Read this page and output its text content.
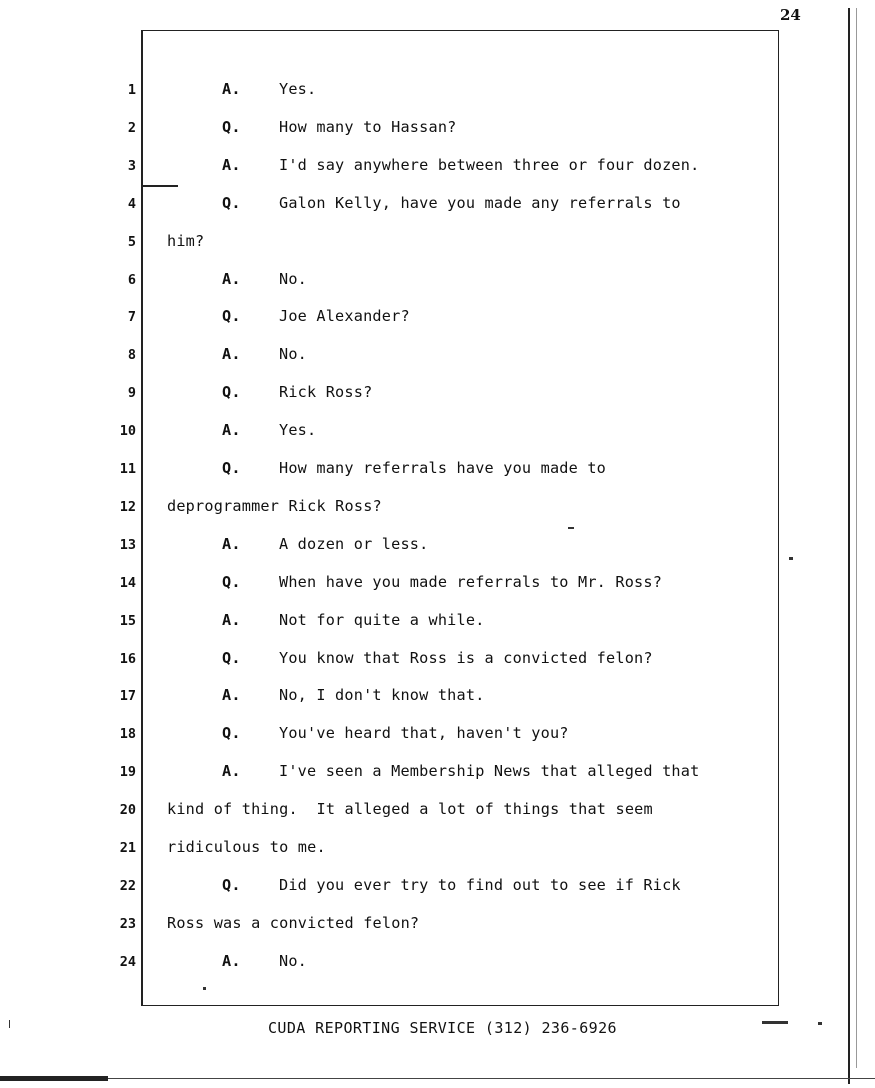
24
1	A.	Yes.
2	Q.	How many to Hassan?
3	A.	I'd say anywhere between three or four dozen.
4	Q.	Galon Kelly, have you made any referrals to
5 him?
6	A.	No.
7	Q.	Joe Alexander?
8	A.	No.
9	Q.	Rick Ross?
10	A.	Yes.
11	Q.	How many referrals have you made to
12 deprogrammer Rick Ross?
13	A.	A dozen or less.
14	Q.	When have you made referrals to Mr. Ross?
15	A.	Not for quite a while.
16	Q.	You know that Ross is a convicted felon?
17	A.	No, I don't know that.
18	Q.	You've heard that, haven't you?
19	A.	I've seen a Membership News that alleged that
20 kind of thing.  It alleged a lot of things that seem
21 ridiculous to me.
22	Q.	Did you ever try to find out to see if Rick
23 Ross was a convicted felon?
24	A.	No.
CUDA REPORTING SERVICE (312) 236-6926
